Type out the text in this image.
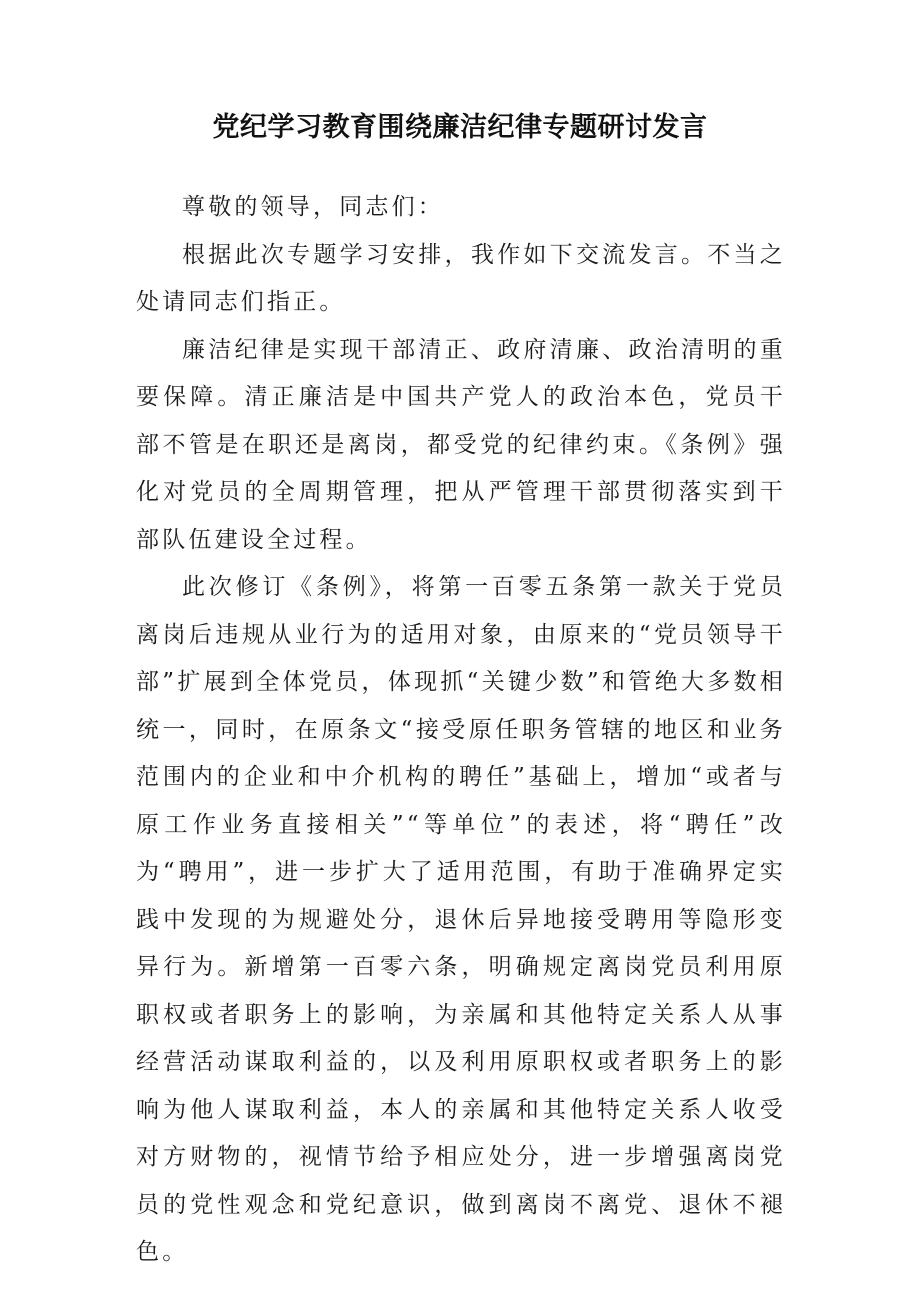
党纪学习教育围绕廉洁纪律专题研讨发言

尊敬的领导，同志们：

根据此次专题学习安排，我作如下交流发言。不当之处请同志们指正。

廉洁纪律是实现干部清正、政府清廉、政治清明的重要保障。清正廉洁是中国共产党人的政治本色，党员干部不管是在职还是离岗，都受党的纪律约束。《条例》强化对党员的全周期管理，把从严管理干部贯彻落实到干部队伍建设全过程。

此次修订《条例》，将第一百零五条第一款关于党员离岗后违规从业行为的适用对象，由原来的“党员领导干部”扩展到全体党员，体现抓“关键少数”和管绝大多数相统一，同时，在原条文“接受原任职务管辖的地区和业务范围内的企业和中介机构的聘任”基础上，增加“或者与原工作业务直接相关”“等单位”的表述，将“聘任”改为“聘用”，进一步扩大了适用范围，有助于准确界定实践中发现的为规避处分，退休后异地接受聘用等隐形变异行为。新增第一百零六条，明确规定离岗党员利用原职权或者职务上的影响，为亲属和其他特定关系人从事经营活动谋取利益的，以及利用原职权或者职务上的影响为他人谋取利益，本人的亲属和其他特定关系人收受对方财物的，视情节给予相应处分，进一步增强离岗党员的党性观念和党纪意识，做到离岗不离党、退休不褪色。
